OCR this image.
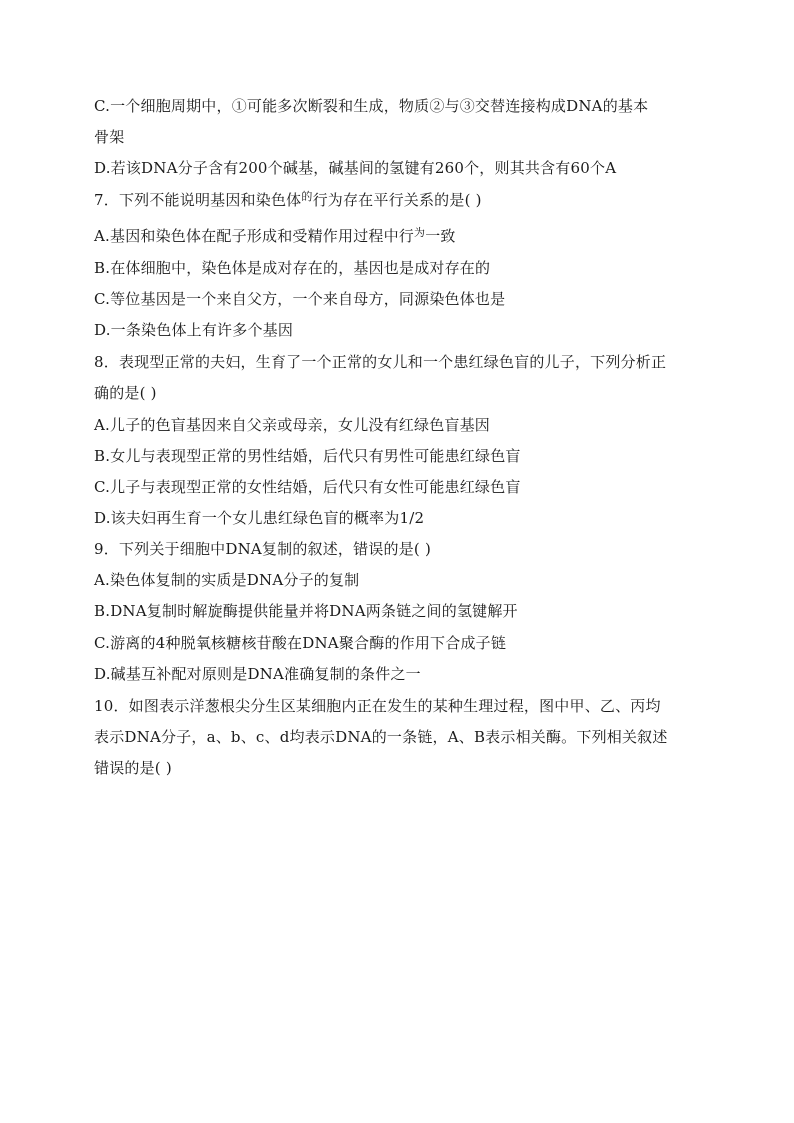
C.一个细胞周期中，①可能多次断裂和生成，物质②与③交替连接构成DNA的基本
骨架
D.若该DNA分子含有200个碱基，碱基间的氢键有260个，则其共含有60个A
7．下列不能说明基因和染色体$^的$行为存在平行关系的是( )
A.基因和染色体在配子形成和受精作用过程中行$^为$一致
B.在体细胞中，染色体是成对存在的，基因也是成对存在的
C.等位基因是一个来自父方，一个来自母方，同源染色体也是
D.一条染色体上有许多个基因
8．表现型正常的夫妇，生育了一个正常的女儿和一个患红绿色盲的儿子，下列分析正
确的是( )
A.儿子的色盲基因来自父亲或母亲，女儿没有红绿色盲基因
B.女儿与表现型正常的男性结婚，后代只有男性可能患红绿色盲
C.儿子与表现型正常的女性结婚，后代只有女性可能患红绿色盲
D.该夫妇再生育一个女儿患红绿色盲的概率为1/2
9．下列关于细胞中DNA复制的叙述，错误的是( )
A.染色体复制的实质是DNA分子的复制
B.DNA复制时解旋酶提供能量并将DNA两条链之间的氢键解开
C.游离的4种脱氧核糖核苷酸在DNA聚合酶的作用下合成子链
D.碱基互补配对原则是DNA准确复制的条件之一
10．如图表示洋葱根尖分生区某细胞内正在发生的某种生理过程，图中甲、乙、丙均
表示DNA分子，a、b、c、d均表示DNA的一条链，A、B表示相关酶。下列相关叙述
错误的是( )
